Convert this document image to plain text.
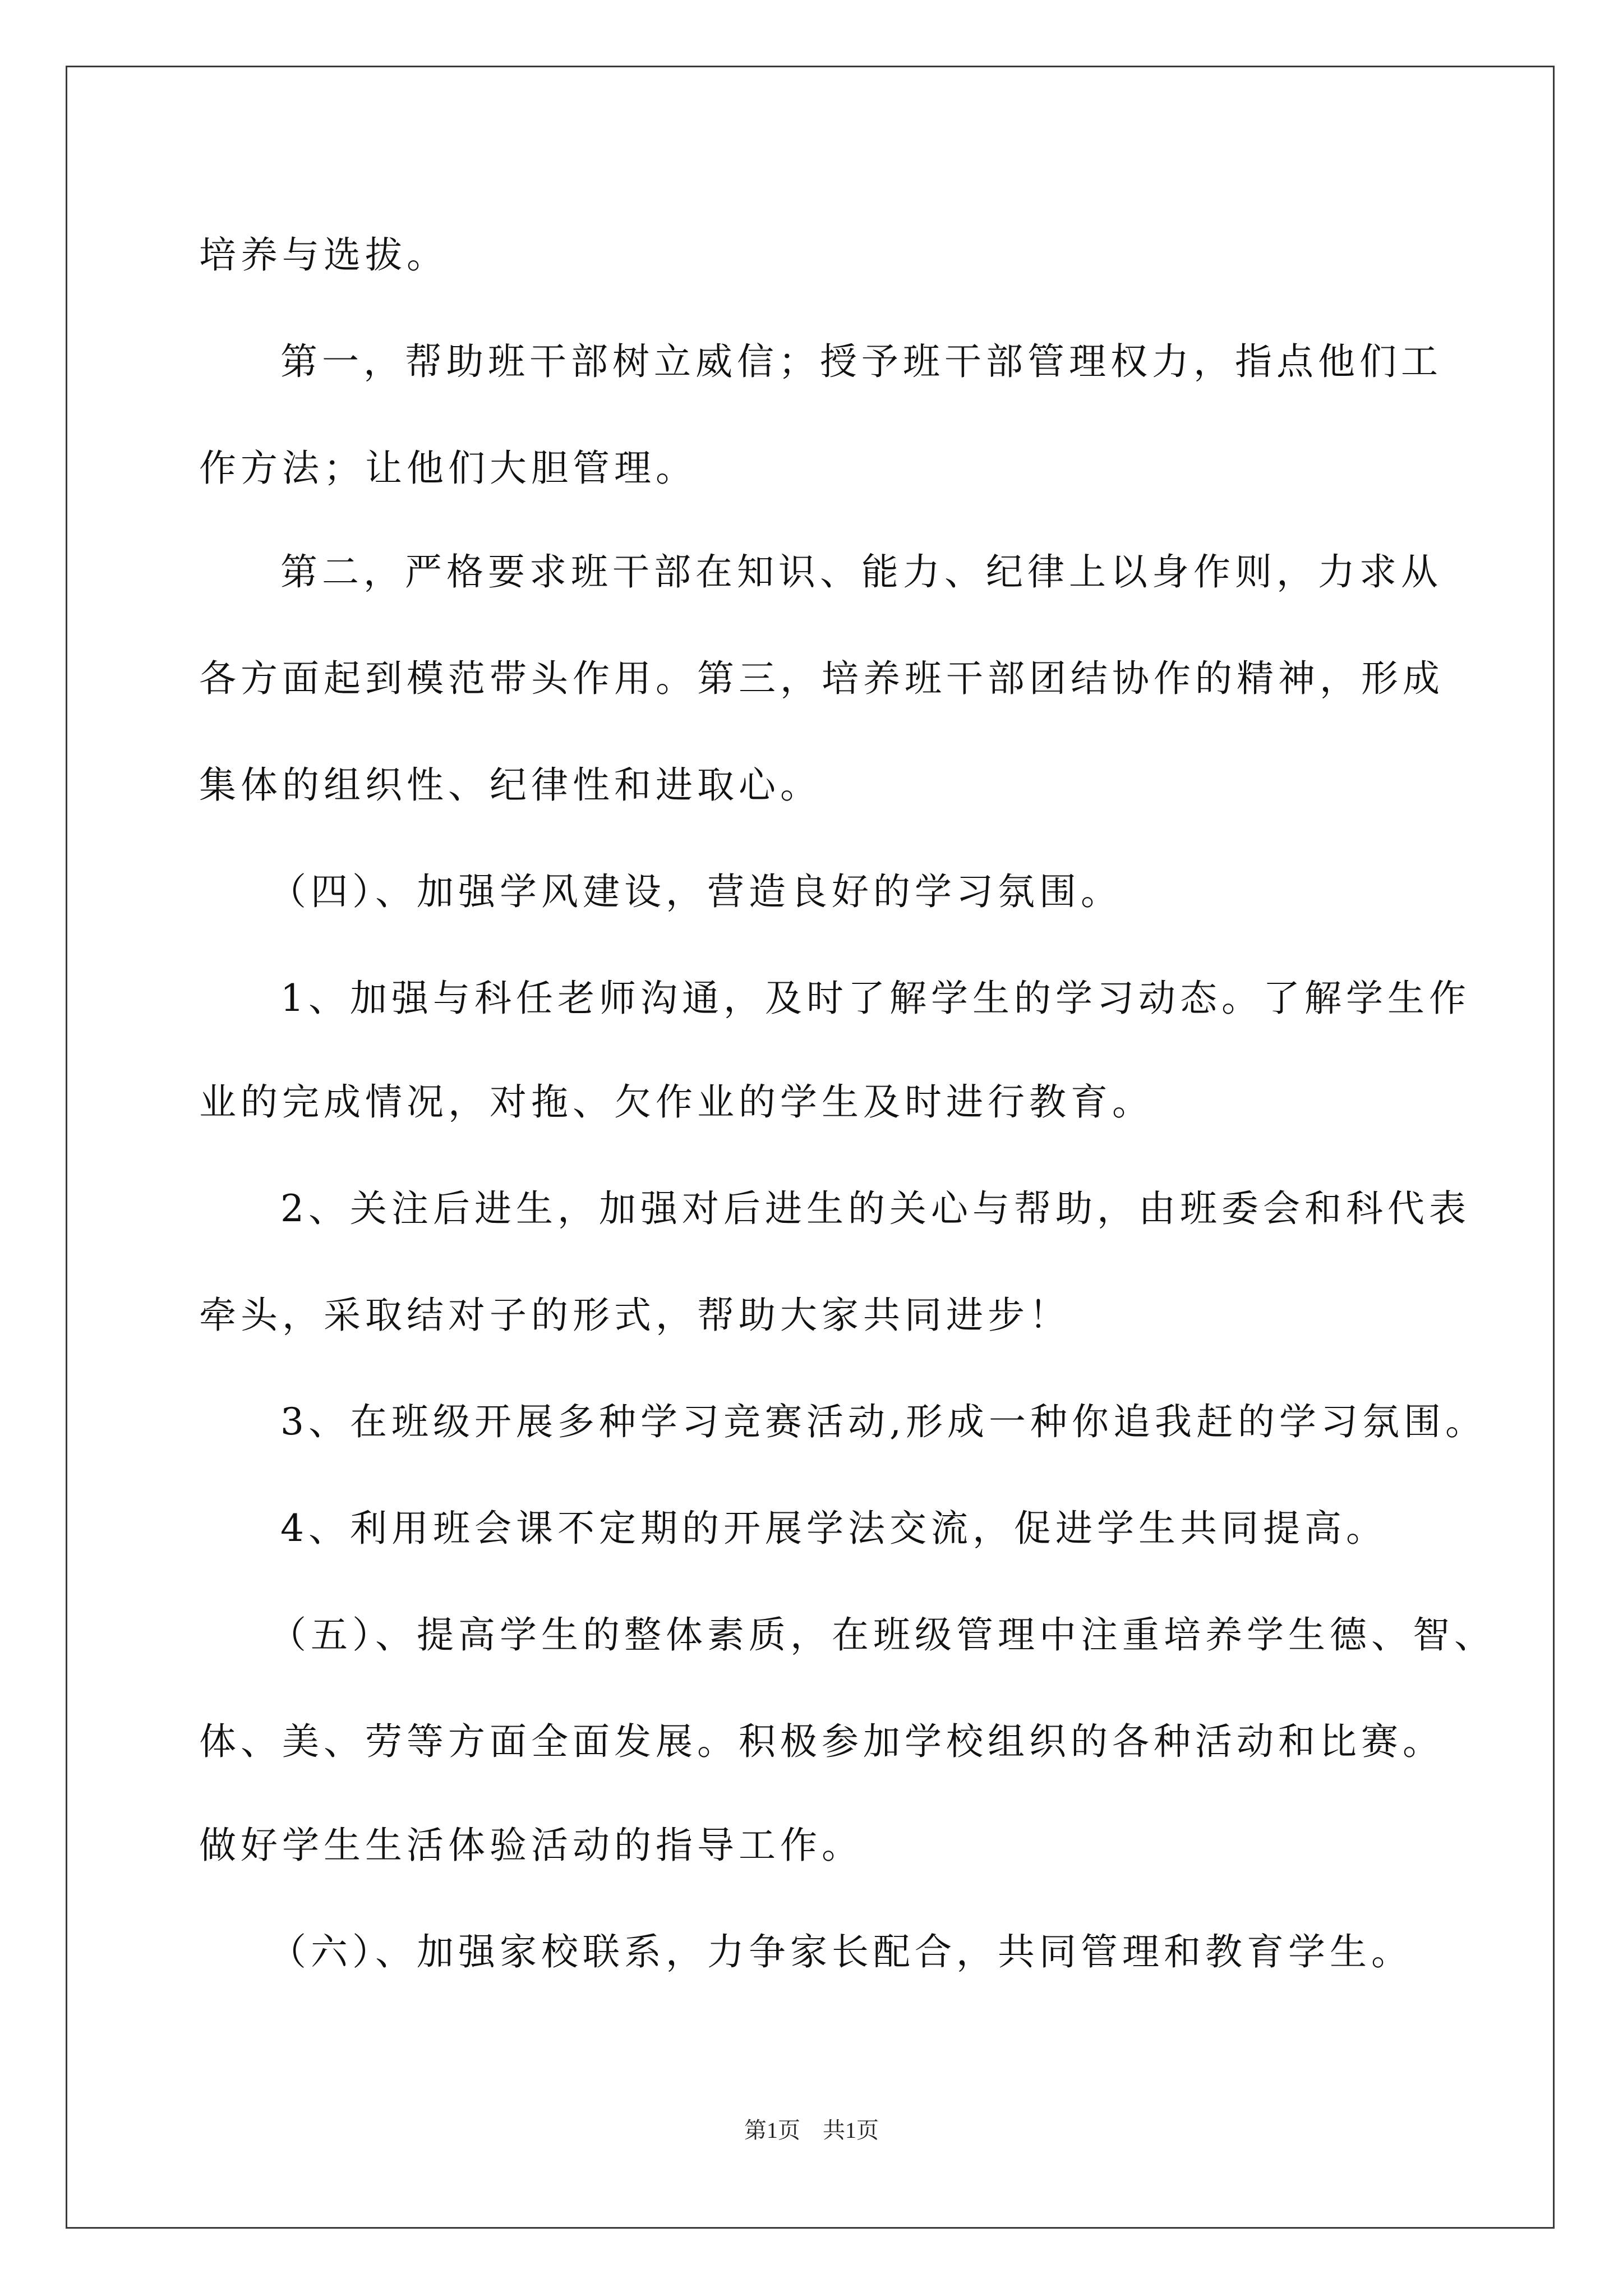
培养与选拔。
第一，帮助班干部树立威信；授予班干部管理权力，指点他们工
作方法；让他们大胆管理。
第二，严格要求班干部在知识、能力、纪律上以身作则，力求从
各方面起到模范带头作用。第三，培养班干部团结协作的精神，形成
集体的组织性、纪律性和进取心。
（四）、加强学风建设，营造良好的学习氛围。
1、加强与科任老师沟通，及时了解学生的学习动态。了解学生作
业的完成情况，对拖、欠作业的学生及时进行教育。
2、关注后进生，加强对后进生的关心与帮助，由班委会和科代表
牵头，采取结对子的形式，帮助大家共同进步！
3、在班级开展多种学习竞赛活动,形成一种你追我赶的学习氛围。
4、利用班会课不定期的开展学法交流，促进学生共同提高。
（五）、提高学生的整体素质，在班级管理中注重培养学生德、智、
体、美、劳等方面全面发展。积极参加学校组织的各种活动和比赛。
做好学生生活体验活动的指导工作。
（六）、加强家校联系，力争家长配合，共同管理和教育学生。
第1页　共1页
